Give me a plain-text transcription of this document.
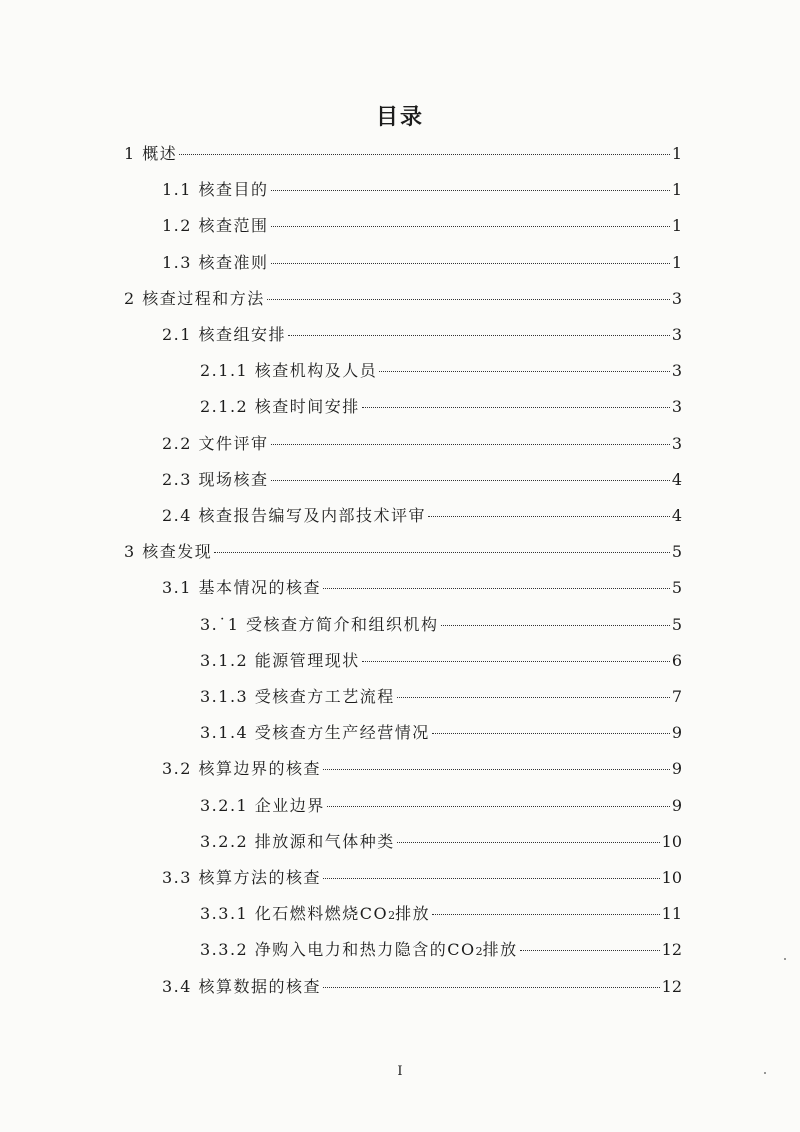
目录
1 概述	1
1.1 核查目的	1
1.2 核查范围	1
1.3 核查准则	1
2 核查过程和方法	3
2.1 核查组安排	3
2.1.1 核查机构及人员	3
2.1.2 核查时间安排	3
2.2 文件评审	3
2.3 现场核查	4
2.4 核查报告编写及内部技术评审	4
3 核查发现	5
3.1 基本情况的核查	5
3.˙1 受核查方简介和组织机构	5
3.1.2 能源管理现状	6
3.1.3 受核查方工艺流程	7
3.1.4 受核查方生产经营情况	9
3.2 核算边界的核查	9
3.2.1 企业边界	9
3.2.2 排放源和气体种类	10
3.3 核算方法的核查	10
3.3.1 化石燃料燃烧CO 2 排放	11
3.3.2 净购入电力和热力隐含的CO 2 排放	12
3.4 核算数据的核查	12
I
